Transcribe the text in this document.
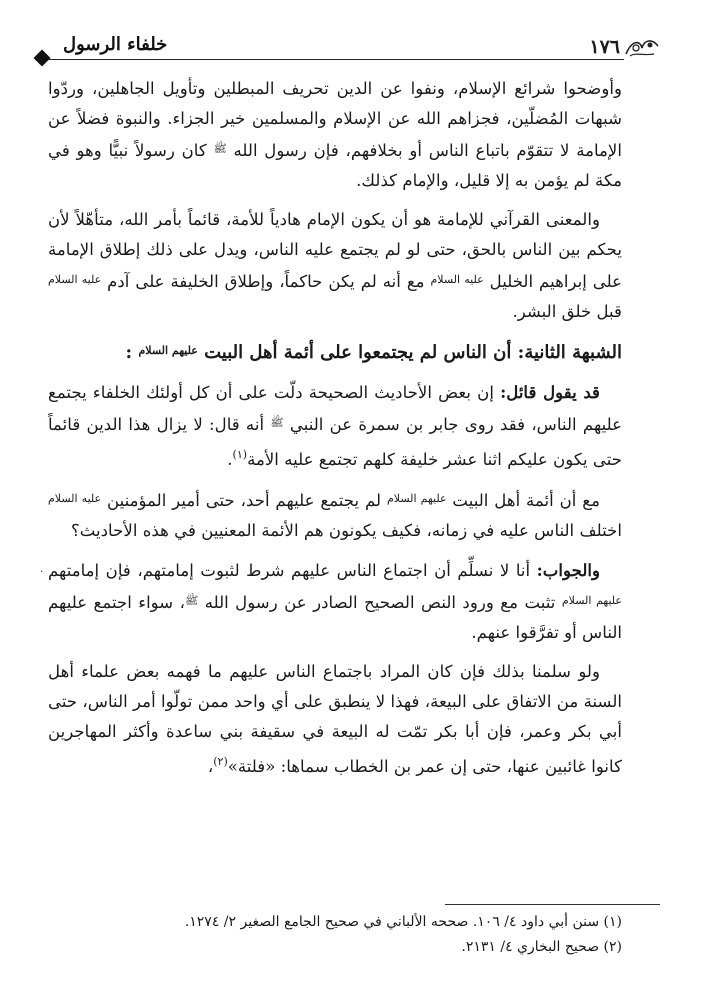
١٧٦
خلفاء الرسول

وأوضحوا شرائع الإسلام، ونفوا عن الدين تحريف المبطلين وتأويل الجاهلين، وردّوا شبهات المُضلّين، فجزاهم الله عن الإسلام والمسلمين خير الجزاء. والنبوة فضلاً عن الإمامة لا تتقوّم باتباع الناس أو بخلافهم، فإن رسول الله $^ﷺ$ كان رسولاً نبيًّا وهو في مكة لم يؤمن به إلا قليل، والإمام كذلك.

والمعنى القرآني للإمامة هو أن يكون الإمام هادياً للأمة، قائماً بأمر الله، متأهّلاً لأن يحكم بين الناس بالحق، حتى لو لم يجتمع عليه الناس، ويدل على ذلك إطلاق الإمامة على إبراهيم الخليل $^{عليه السلام}$ مع أنه لم يكن حاكماً، وإطلاق الخليفة على آدم $^{عليه السلام}$ قبل خلق البشر.

الشبهة الثانية: أن الناس لم يجتمعوا على أئمة أهل البيت $^{عليهم السلام}$ :

قد يقول قائل: إن بعض الأحاديث الصحيحة دلّت على أن كل أولئك الخلفاء يجتمع عليهم الناس، فقد روى جابر بن سمرة عن النبي $^ﷺ$ أنه قال: لا يزال هذا الدين قائماً حتى يكون عليكم اثنا عشر خليفة كلهم تجتمع عليه الأمة$^{(١)}$.

مع أن أئمة أهل البيت $^{عليهم السلام}$ لم يجتمع عليهم أحد، حتى أمير المؤمنين $^{عليه السلام}$ اختلف الناس عليه في زمانه، فكيف يكونون هم الأئمة المعنيين في هذه الأحاديث؟

والجواب: أنا لا نسلِّم أن اجتماع الناس عليهم شرط لثبوت إمامتهم، فإن إمامتهم $^{عليهم السلام}$ تثبت مع ورود النص الصحيح الصادر عن رسول الله $^ﷺ$، سواء اجتمع عليهم الناس أو تفرَّقوا عنهم.

ولو سلمنا بذلك فإن كان المراد باجتماع الناس عليهم ما فهمه بعض علماء أهل السنة من الاتفاق على البيعة، فهذا لا ينطبق على أي واحد ممن تولّوا أمر الناس، حتى أبي بكر وعمر، فإن أبا بكر تمّت له البيعة في سقيفة بني ساعدة وأكثر المهاجرين كانوا غائبين عنها، حتى إن عمر بن الخطاب سماها: «فلتة»$^{(٢)}$،

·
(١) سنن أبي داود ٤/ ١٠٦. صححه الألباني في صحيح الجامع الصغير ٢/ ١٢٧٤.
(٢) صحيح البخاري ٤/ ٢١٣١.
